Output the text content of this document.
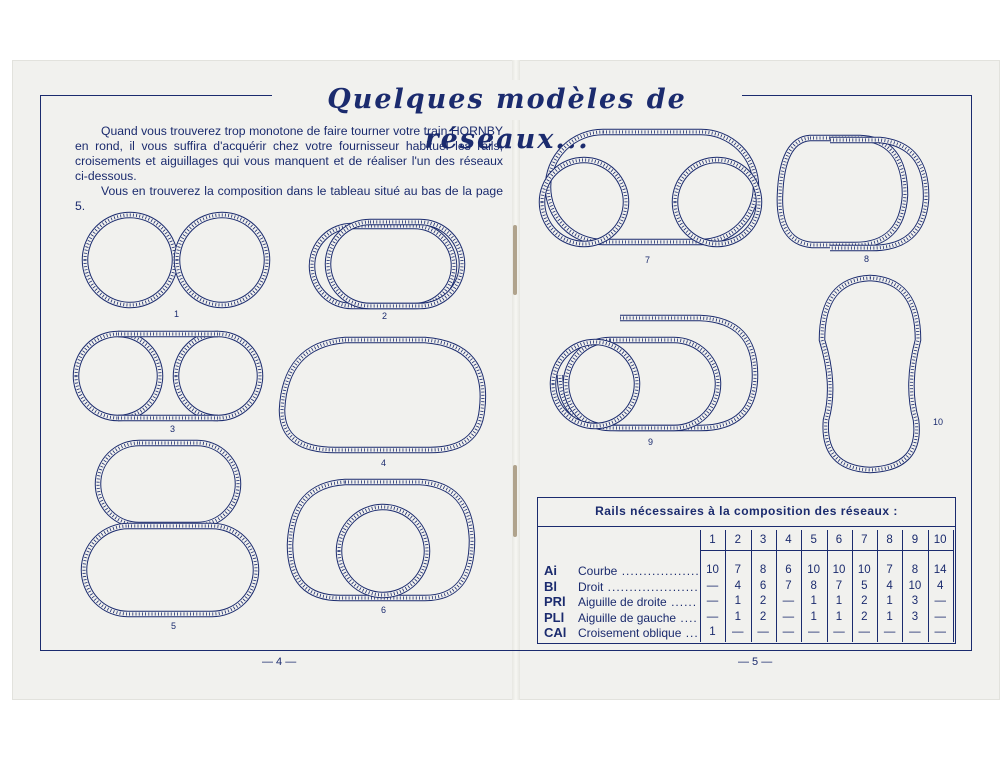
Quelques modèles de réseaux...

Quand vous trouverez trop monotone de faire tourner votre train HORNBY en rond, il vous suffira d'acquérir chez votre fournisseur habituel les rails, croisements et aiguillages qui vous manquent et de réaliser l'un des réseaux ci-dessous.

Vous en trouverez la composition dans le tableau situé au bas de la page 5.

1	2
3
4
5
6
7	8
9
10
— 4 —	— 5 —
Rails nécessaires à la composition des réseaux :
1	2	3	4	5	6	7	8	9	10
Ai Courbe .....	10	7	8	6	10	10	10	7	8	14
Bl Droit .....	—	4	6	7	8	7	5	4	10	4
PRl Aiguille de droite .....	—	1	2	—	1	1	2	1	3	—
PLl Aiguille de gauche .....	—	1	2	—	1	1	2	1	3	—
CAl Croisement oblique .....	1	—	—	—	—	—	—	—	—	—
